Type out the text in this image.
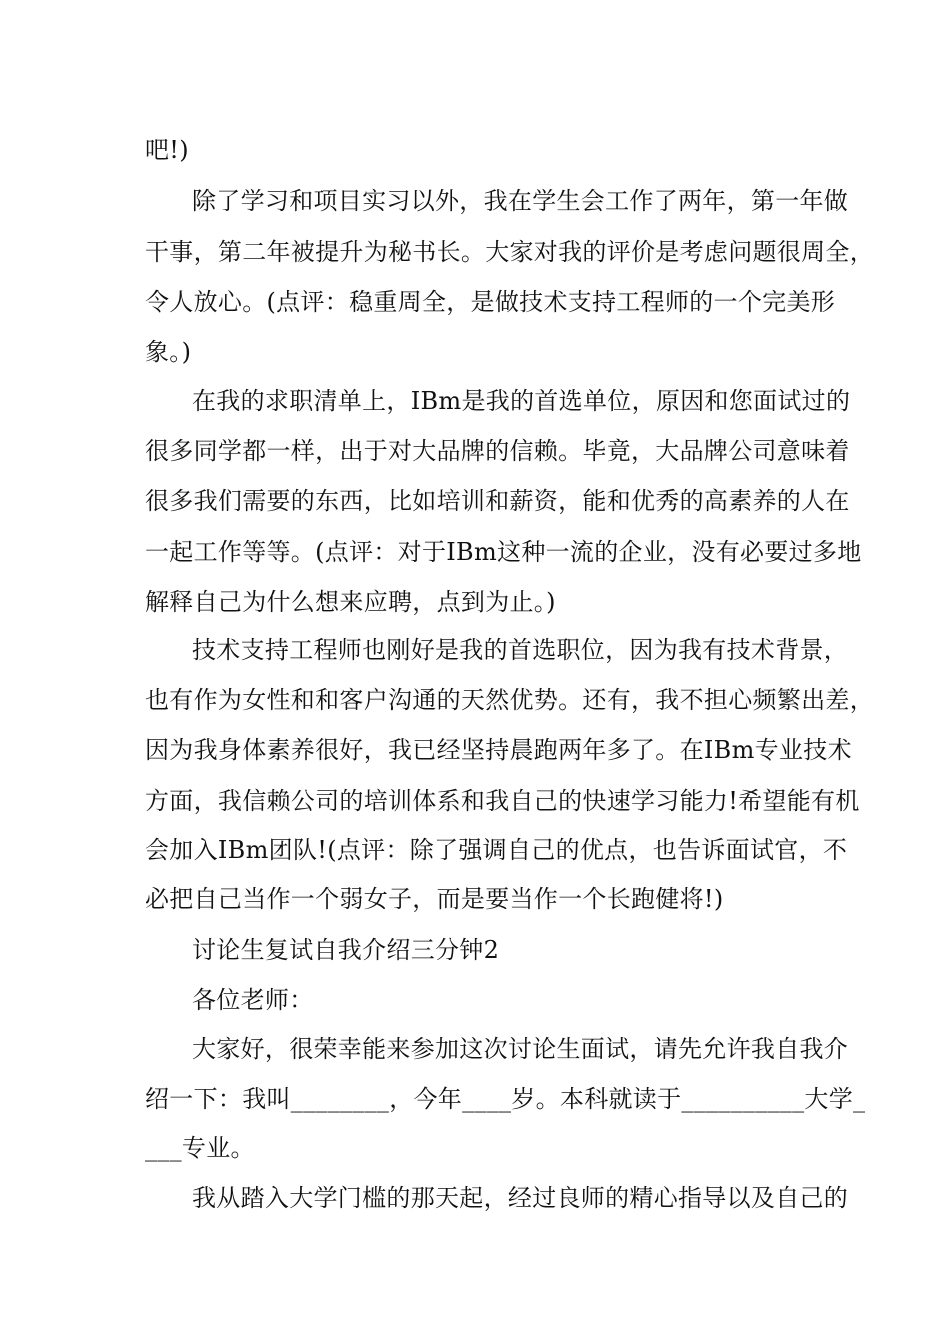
吧!)
除了学习和项目实习以外，我在学生会工作了两年，第一年做
干事，第二年被提升为秘书长。大家对我的评价是考虑问题很周全，
令人放心。(点评：稳重周全，是做技术支持工程师的一个完美形
象。)
在我的求职清单上，IBm是我的首选单位，原因和您面试过的
很多同学都一样，出于对大品牌的信赖。毕竟，大品牌公司意味着
很多我们需要的东西，比如培训和薪资，能和优秀的高素养的人在
一起工作等等。(点评：对于IBm这种一流的企业，没有必要过多地
解释自己为什么想来应聘，点到为止。)
技术支持工程师也刚好是我的首选职位，因为我有技术背景，
也有作为女性和和客户沟通的天然优势。还有，我不担心频繁出差，
因为我身体素养很好，我已经坚持晨跑两年多了。在IBm专业技术
方面，我信赖公司的培训体系和我自己的快速学习能力!希望能有机
会加入IBm团队!(点评：除了强调自己的优点，也告诉面试官，不
必把自己当作一个弱女子，而是要当作一个长跑健将!)
讨论生复试自我介绍三分钟2
各位老师：
大家好，很荣幸能来参加这次讨论生面试，请先允许我自我介
绍一下：我叫________，今年____岁。本科就读于__________大学_
___专业。
我从踏入大学门槛的那天起，经过良师的精心指导以及自己的
